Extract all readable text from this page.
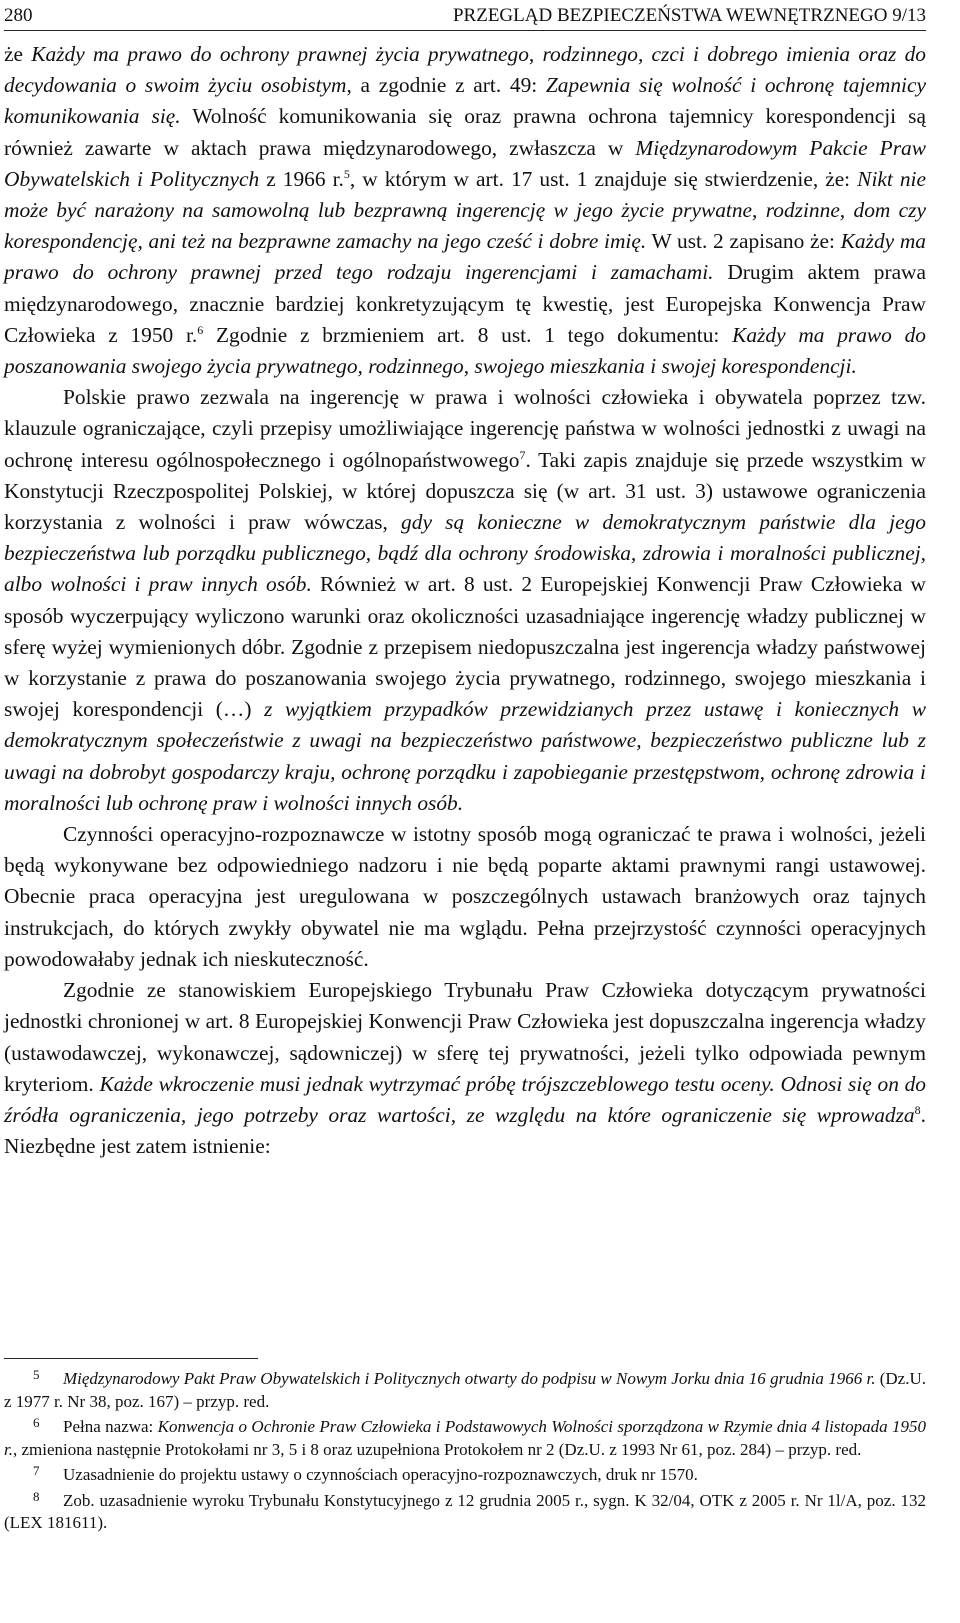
280	PRZEGLĄD BEZPIECZEŃSTWA WEWNĘTRZNEGO 9/13

że Każdy ma prawo do ochrony prawnej życia prywatnego, rodzinnego, czci i dobrego imienia oraz do decydowania o swoim życiu osobistym, a zgodnie z art. 49: Zapewnia się wolność i ochronę tajemnicy komunikowania się. Wolność komunikowania się oraz prawna ochrona tajemnicy korespondencji są również zawarte w aktach prawa międzynarodowego, zwłaszcza w Międzynarodowym Pakcie Praw Obywatelskich i Politycznych z 1966 r.$^5$, w którym w art. 17 ust. 1 znajduje się stwierdzenie, że: Nikt nie może być narażony na samowolną lub bezprawną ingerencję w jego życie prywatne, rodzinne, dom czy korespondencję, ani też na bezprawne zamachy na jego cześć i dobre imię. W ust. 2 zapisano że: Każdy ma prawo do ochrony prawnej przed tego rodzaju ingerencjami i zamachami. Drugim aktem prawa międzynarodowego, znacznie bardziej konkretyzującym tę kwestię, jest Europejska Konwencja Praw Człowieka z 1950 r.$^6$ Zgodnie z brzmieniem art. 8 ust. 1 tego dokumentu: Każdy ma prawo do poszanowania swojego życia prywatnego, rodzinnego, swojego mieszkania i swojej korespondencji.

Polskie prawo zezwala na ingerencję w prawa i wolności człowieka i obywatela poprzez tzw. klauzule ograniczające, czyli przepisy umożliwiające ingerencję państwa w wolności jednostki z uwagi na ochronę interesu ogólnospołecznego i ogólnopaństwowego$^7$. Taki zapis znajduje się przede wszystkim w Konstytucji Rzeczpospolitej Polskiej, w której dopuszcza się (w art. 31 ust. 3) ustawowe ograniczenia korzystania z wolności i praw wówczas, gdy są konieczne w demokratycznym państwie dla jego bezpieczeństwa lub porządku publicznego, bądź dla ochrony środowiska, zdrowia i moralności publicznej, albo wolności i praw innych osób. Również w art. 8 ust. 2 Europejskiej Konwencji Praw Człowieka w sposób wyczerpujący wyliczono warunki oraz okoliczności uzasadniające ingerencję władzy publicznej w sferę wyżej wymienionych dóbr. Zgodnie z przepisem niedopuszczalna jest ingerencja władzy państwowej w korzystanie z prawa do poszanowania swojego życia prywatnego, rodzinnego, swojego mieszkania i swojej korespondencji (…) z wyjątkiem przypadków przewidzianych przez ustawę i koniecznych w demokratycznym społeczeństwie z uwagi na bezpieczeństwo państwowe, bezpieczeństwo publiczne lub z uwagi na dobrobyt gospodarczy kraju, ochronę porządku i zapobieganie przestępstwom, ochronę zdrowia i moralności lub ochronę praw i wolności innych osób.

Czynności operacyjno-rozpoznawcze w istotny sposób mogą ograniczać te prawa i wolności, jeżeli będą wykonywane bez odpowiedniego nadzoru i nie będą poparte aktami prawnymi rangi ustawowej. Obecnie praca operacyjna jest uregulowana w poszczególnych ustawach branżowych oraz tajnych instrukcjach, do których zwykły obywatel nie ma wglądu. Pełna przejrzystość czynności operacyjnych powodowałaby jednak ich nieskuteczność.

Zgodnie ze stanowiskiem Europejskiego Trybunału Praw Człowieka dotyczącym prywatności jednostki chronionej w art. 8 Europejskiej Konwencji Praw Człowieka jest dopuszczalna ingerencja władzy (ustawodawczej, wykonawczej, sądowniczej) w sferę tej prywatności, jeżeli tylko odpowiada pewnym kryteriom. Każde wkroczenie musi jednak wytrzymać próbę trójszczeblowego testu oceny. Odnosi się on do źródła ograniczenia, jego potrzeby oraz wartości, ze względu na które ograniczenie się wprowadza$^8$. Niezbędne jest zatem istnienie:

5 Międzynarodowy Pakt Praw Obywatelskich i Politycznych otwarty do podpisu w Nowym Jorku dnia 16 grudnia 1966 r. (Dz.U. z 1977 r. Nr 38, poz. 167) – przyp. red.

6 Pełna nazwa: Konwencja o Ochronie Praw Człowieka i Podstawowych Wolności sporządzona w Rzymie dnia 4 listopada 1950 r., zmieniona następnie Protokołami nr 3, 5 i 8 oraz uzupełniona Protokołem nr 2 (Dz.U. z 1993 Nr 61, poz. 284) – przyp. red.

7 Uzasadnienie do projektu ustawy o czynnościach operacyjno-rozpoznawczych, druk nr 1570.

8 Zob. uzasadnienie wyroku Trybunału Konstytucyjnego z 12 grudnia 2005 r., sygn. K 32/04, OTK z 2005 r. Nr 1l/A, poz. 132 (LEX 181611).
